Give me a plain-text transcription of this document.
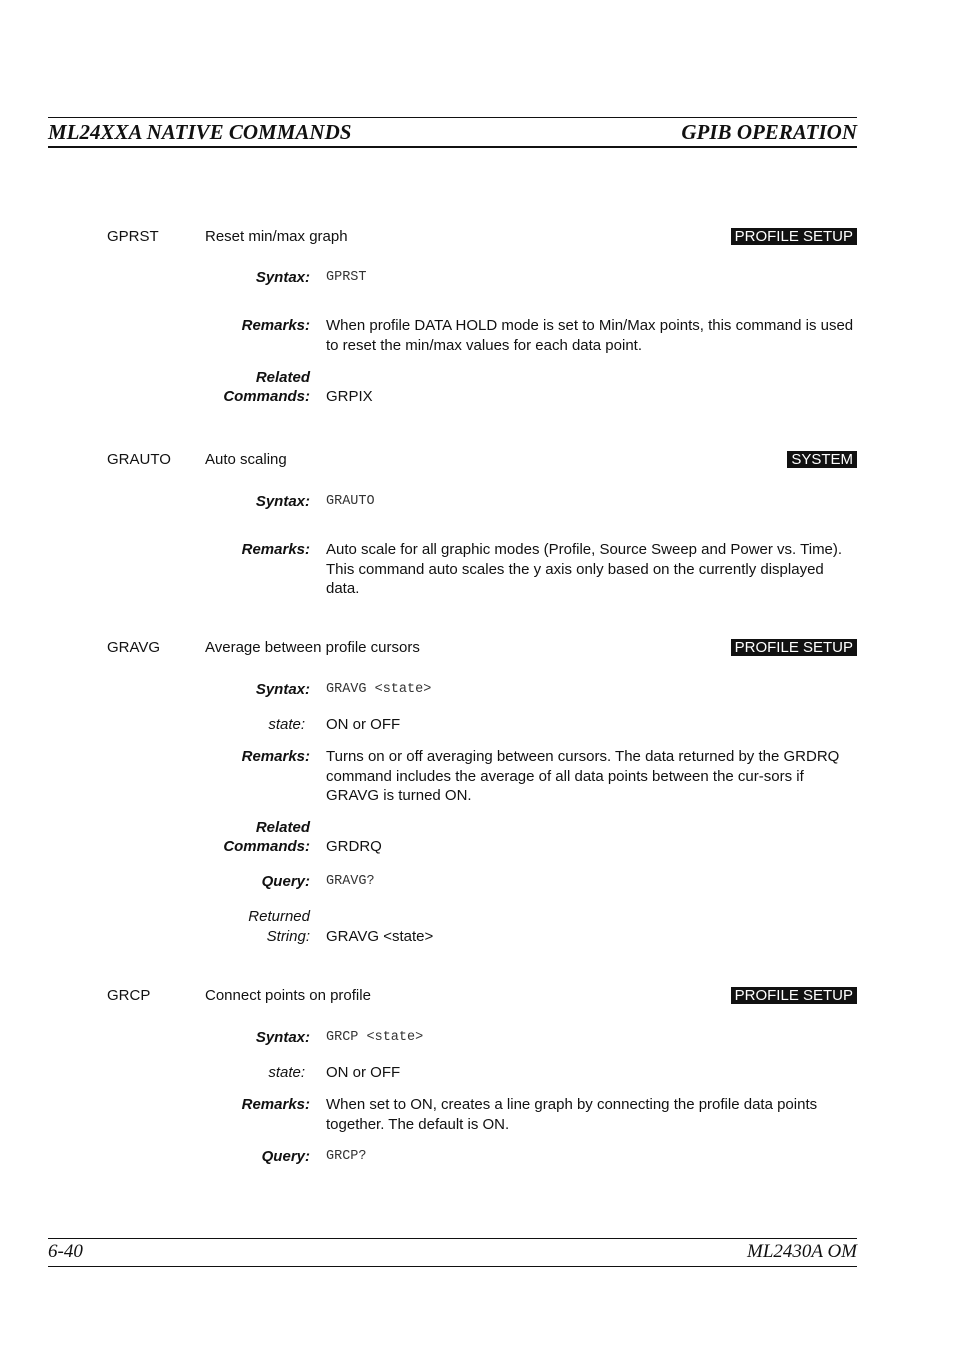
ML24XXA NATIVE COMMANDS	GPIB OPERATION
GPRST	Reset min/max graph	PROFILE SETUP
Syntax: GPRST
Remarks: When profile DATA HOLD mode is set to Min/Max points, this command is used to reset the min/max values for each data point.
Related
Commands: GRPIX
GRAUTO Auto scaling	SYSTEM
Syntax: GRAUTO
Remarks: Auto scale for all graphic modes (Profile, Source Sweep and Power vs. Time). This command auto scales the y axis only based on the currently displayed data.
GRAVG	Average between profile cursors	PROFILE SETUP
Syntax: GRAVG <state>
state: ON or OFF
Remarks: Turns on or off averaging between cursors. The data returned by the GRDRQ command includes the average of all data points between the cur-sors if GRAVG is turned ON.
Related
Commands: GRDRQ
Query: GRAVG?
Returned
String: GRAVG <state>
GRCP	Connect points on profile	PROFILE SETUP
Syntax: GRCP <state>
state: ON or OFF
Remarks: When set to ON, creates a line graph by connecting the profile data points together. The default is ON.
Query: GRCP?
6-40	ML2430A OM
